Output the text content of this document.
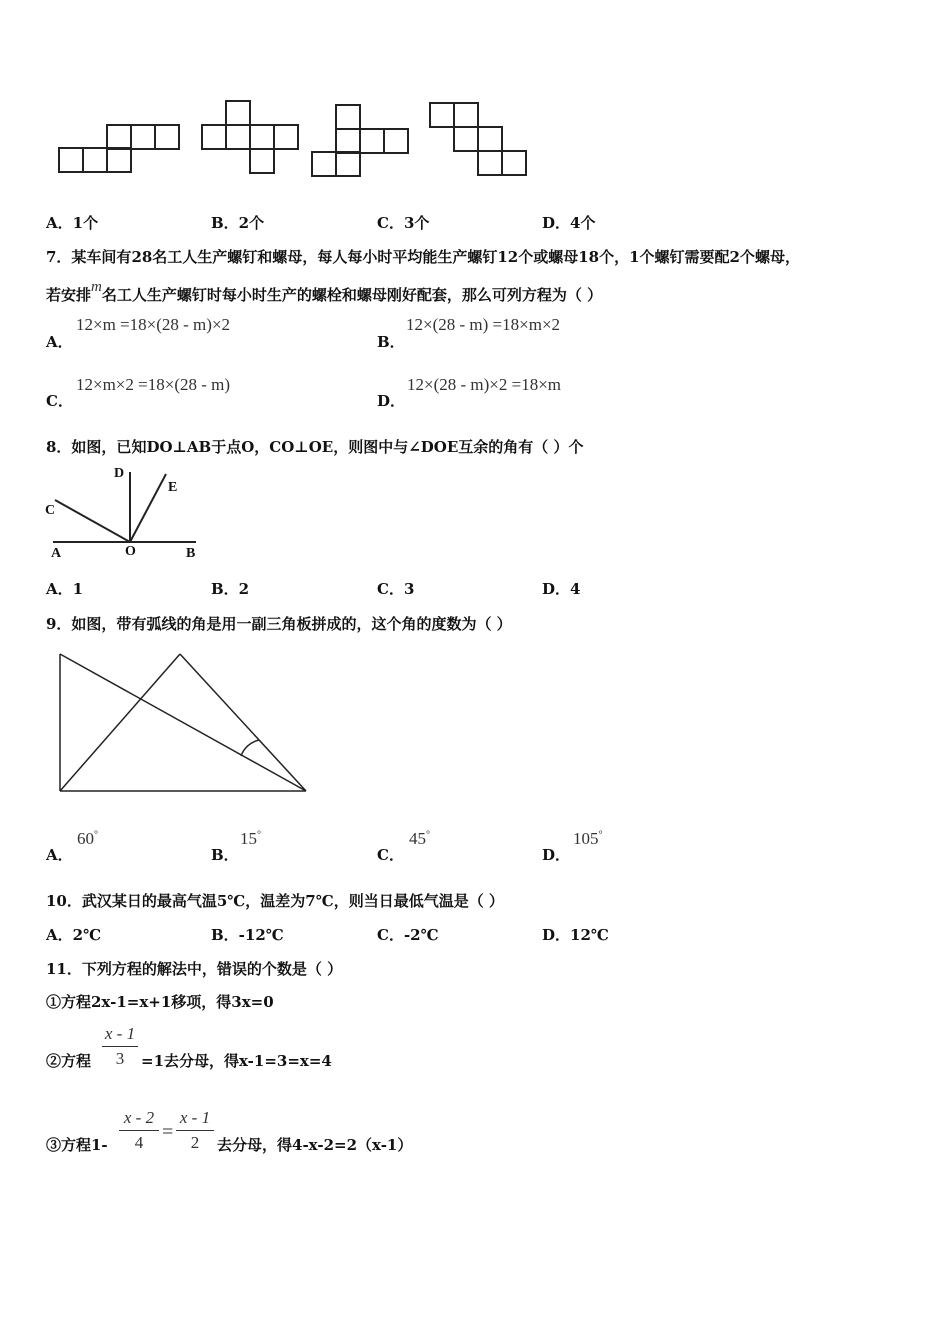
A．1个	B．2个	C．3个	D．4个
7．某车间有28名工人生产螺钉和螺母，每人每小时平均能生产螺钉12个或螺母18个，1个螺钉需要配2个螺母，
若安排m名工人生产螺钉时每小时生产的螺栓和螺母刚好配套，那么可列方程为（ ）
A．
12×m =18×(28 - m)×2
B．
12×(28 - m) =18×m×2
C．
12×m×2 =18×(28 - m)
D．
12×(28 - m)×2 =18×m
8．如图，已知DO⊥AB于点O，CO⊥OE，则图中与∠DOE互余的角有（ ）个
A	B
C
D
E
O
A．1	B．2	C．3	D．4
9．如图，带有弧线的角是用一副三角板拼成的，这个角的度数为（ ）
A．
60°
B．
15°
C．
45°
D．
105°
10．武汉某日的最高气温5℃，温差为7℃，则当日最低气温是（ ）
A．2℃	B．-12℃	C．-2℃	D．12℃
11．下列方程的解法中，错误的个数是（ ）
①方程2x-1=x+1移项，得3x=0
②方程
x - 1
3	=1去分母，得x-1=3=x=4
③方程1-
x - 2
4 =
x - 1
2	去分母，得4-x-2=2（x-1）
